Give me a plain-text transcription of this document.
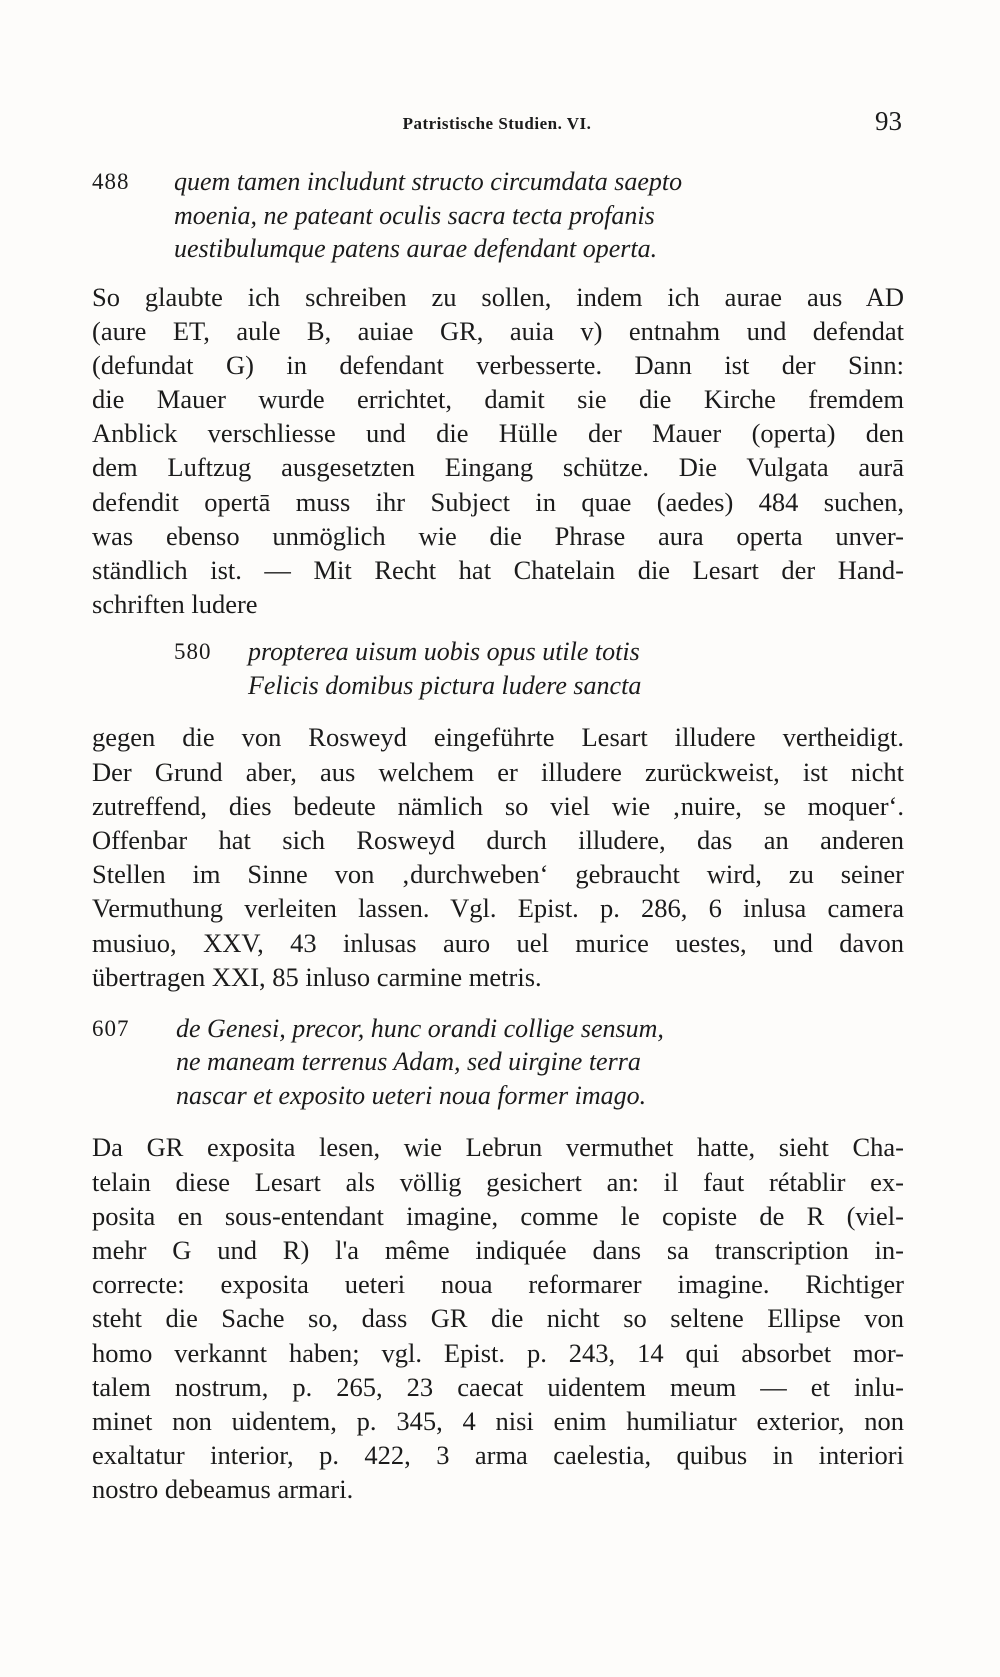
Patristische Studien. VI.	93
488 quem tamen includunt structo circumdata saepto
moenia, ne pateant oculis sacra tecta profanis
uestibulumque patens aurae defendant operta.
So glaubte ich schreiben zu sollen, indem ich aurae aus AD
(aure ET, aule B, auiae GR, auia v) entnahm und defendat
(defundat G) in defendant verbesserte. Dann ist der Sinn:
die Mauer wurde errichtet, damit sie die Kirche fremdem
Anblick verschliesse und die Hülle der Mauer (operta) den
dem Luftzug ausgesetzten Eingang schütze. Die Vulgata aurā
defendit opertā muss ihr Subject in quae (aedes) 484 suchen,
was ebenso unmöglich wie die Phrase aura operta unver-
ständlich ist. — Mit Recht hat Chatelain die Lesart der Hand-
schriften ludere
580 propterea uisum uobis opus utile totis
Felicis domibus pictura ludere sancta
gegen die von Rosweyd eingeführte Lesart illudere vertheidigt.
Der Grund aber, aus welchem er illudere zurückweist, ist nicht
zutreffend, dies bedeute nämlich so viel wie ‚nuire, se moquer‘.
Offenbar hat sich Rosweyd durch illudere, das an anderen
Stellen im Sinne von ‚durchweben‘ gebraucht wird, zu seiner
Vermuthung verleiten lassen. Vgl. Epist. p. 286, 6 inlusa camera
musiuo, XXV, 43 inlusas auro uel murice uestes, und davon
übertragen XXI, 85 inluso carmine metris.
607 de Genesi, precor, hunc orandi collige sensum,
ne maneam terrenus Adam, sed uirgine terra
nascar et exposito ueteri noua former imago.
Da GR exposita lesen, wie Lebrun vermuthet hatte, sieht Cha-
telain diese Lesart als völlig gesichert an: il faut rétablir ex-
posita en sous-entendant imagine, comme le copiste de R (viel-
mehr G und R) l'a même indiquée dans sa transcription in-
correcte: exposita ueteri noua reformarer imagine. Richtiger
steht die Sache so, dass GR die nicht so seltene Ellipse von
homo verkannt haben; vgl. Epist. p. 243, 14 qui absorbet mor-
talem nostrum, p. 265, 23 caecat uidentem meum — et inlu-
minet non uidentem, p. 345, 4 nisi enim humiliatur exterior, non
exaltatur interior, p. 422, 3 arma caelestia, quibus in interiori
nostro debeamus armari.
